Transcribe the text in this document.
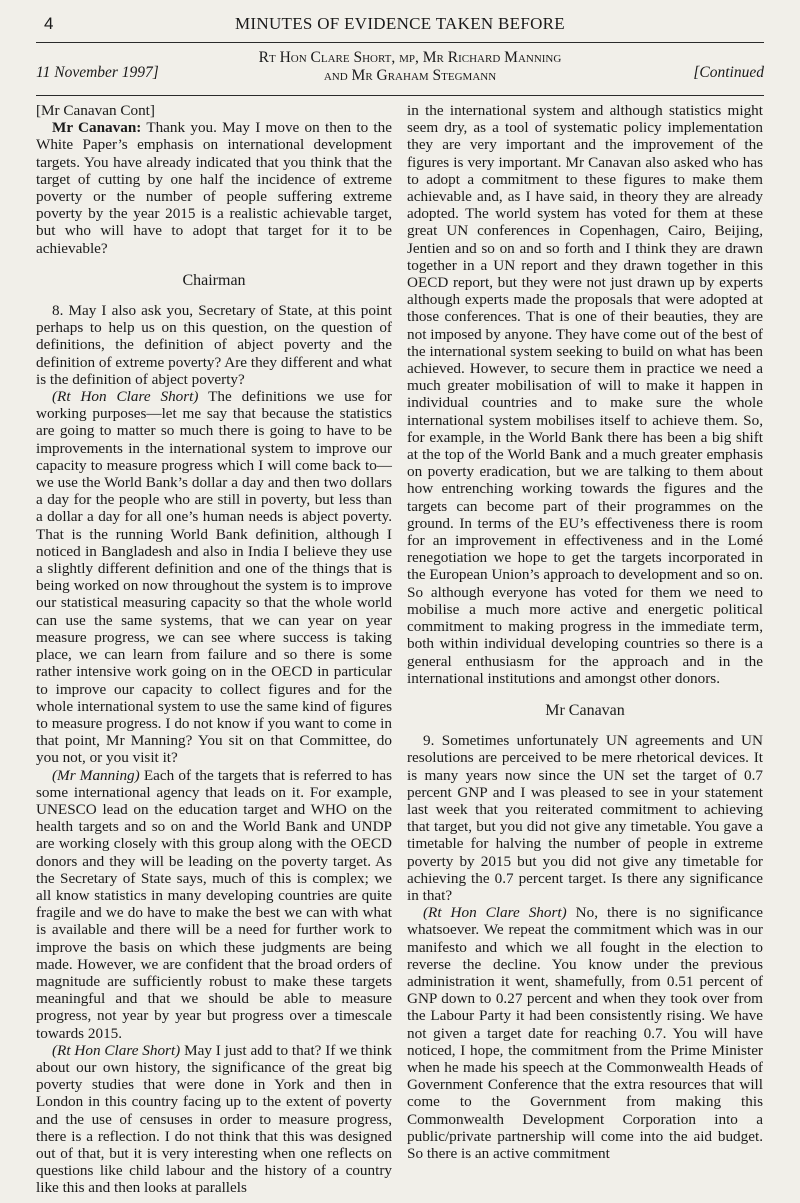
4	MINUTES OF EVIDENCE TAKEN BEFORE
11 November 1997]
Rt Hon Clare Short, mp, Mr Richard Manning
and Mr Graham Stegmann	[Continued

[Mr Canavan Cont]

Mr Canavan: Thank you. May I move on then to the White Paper’s emphasis on international development targets. You have already indicated that you think that the target of cutting by one half the incidence of extreme poverty or the number of people suffering extreme poverty by the year 2015 is a realistic achievable target, but who will have to adopt that target for it to be achievable?

Chairman

8. May I also ask you, Secretary of State, at this point perhaps to help us on this question, on the question of definitions, the definition of abject poverty and the definition of extreme poverty? Are they different and what is the definition of abject poverty?

(Rt Hon Clare Short) The definitions we use for working purposes—let me say that because the statistics are going to matter so much there is going to have to be improvements in the international system to improve our capacity to measure progress which I will come back to—we use the World Bank’s dollar a day and then two dollars a day for the people who are still in poverty, but less than a dollar a day for all one’s human needs is abject poverty. That is the running World Bank definition, although I noticed in Bangladesh and also in India I believe they use a slightly different definition and one of the things that is being worked on now throughout the system is to improve our statistical measuring capacity so that the whole world can use the same systems, that we can year on year measure progress, we can see where success is taking place, we can learn from failure and so there is some rather intensive work going on in the OECD in particular to improve our capacity to collect figures and for the whole international system to use the same kind of figures to measure progress. I do not know if you want to come in that point, Mr Manning? You sit on that Committee, do you not, or you visit it?

(Mr Manning) Each of the targets that is referred to has some international agency that leads on it. For example, UNESCO lead on the education target and WHO on the health targets and so on and the World Bank and UNDP are working closely with this group along with the OECD donors and they will be leading on the poverty target. As the Secretary of State says, much of this is complex; we all know statistics in many developing countries are quite fragile and we do have to make the best we can with what is available and there will be a need for further work to improve the basis on which these judgments are being made. However, we are confident that the broad orders of magnitude are sufficiently robust to make these targets meaningful and that we should be able to measure progress, not year by year but progress over a timescale towards 2015.

(Rt Hon Clare Short) May I just add to that? If we think about our own history, the significance of the great big poverty studies that were done in York and then in London in this country facing up to the extent of poverty and the use of censuses in order to measure progress, there is a reflection. I do not think that this was designed out of that, but it is very interesting when one reflects on questions like child labour and the history of a country like this and then looks at parallels

in the international system and although statistics might seem dry, as a tool of systematic policy implementation they are very important and the improvement of the figures is very important. Mr Canavan also asked who has to adopt a commitment to these figures to make them achievable and, as I have said, in theory they are already adopted. The world system has voted for them at these great UN conferences in Copenhagen, Cairo, Beijing, Jentien and so on and so forth and I think they are drawn together in a UN report and they drawn together in this OECD report, but they were not just drawn up by experts although experts made the proposals that were adopted at those conferences. That is one of their beauties, they are not imposed by anyone. They have come out of the best of the international system seeking to build on what has been achieved. However, to secure them in practice we need a much greater mobilisation of will to make it happen in individual countries and to make sure the whole international system mobilises itself to achieve them. So, for example, in the World Bank there has been a big shift at the top of the World Bank and a much greater emphasis on poverty eradication, but we are talking to them about how entrenching working towards the figures and the targets can become part of their programmes on the ground. In terms of the EU’s effectiveness there is room for an improvement in effectiveness and in the Lomé renegotiation we hope to get the targets incorporated in the European Union’s approach to development and so on. So although everyone has voted for them we need to mobilise a much more active and energetic political commitment to making progress in the immediate term, both within individual developing countries so there is a general enthusiasm for the approach and in the international institutions and amongst other donors.

Mr Canavan

9. Sometimes unfortunately UN agreements and UN resolutions are perceived to be mere rhetorical devices. It is many years now since the UN set the target of 0.7 percent GNP and I was pleased to see in your statement last week that you reiterated commitment to achieving that target, but you did not give any timetable. You gave a timetable for halving the number of people in extreme poverty by 2015 but you did not give any timetable for achieving the 0.7 percent target. Is there any significance in that?

(Rt Hon Clare Short) No, there is no significance whatsoever. We repeat the commitment which was in our manifesto and which we all fought in the election to reverse the decline. You know under the previous administration it went, shamefully, from 0.51 percent of GNP down to 0.27 percent and when they took over from the Labour Party it had been consistently rising. We have not given a target date for reaching 0.7. You will have noticed, I hope, the commitment from the Prime Minister when he made his speech at the Commonwealth Heads of Government Conference that the extra resources that will come to the Government from making this Commonwealth Development Corporation into a public/private partnership will come into the aid budget. So there is an active commitment
